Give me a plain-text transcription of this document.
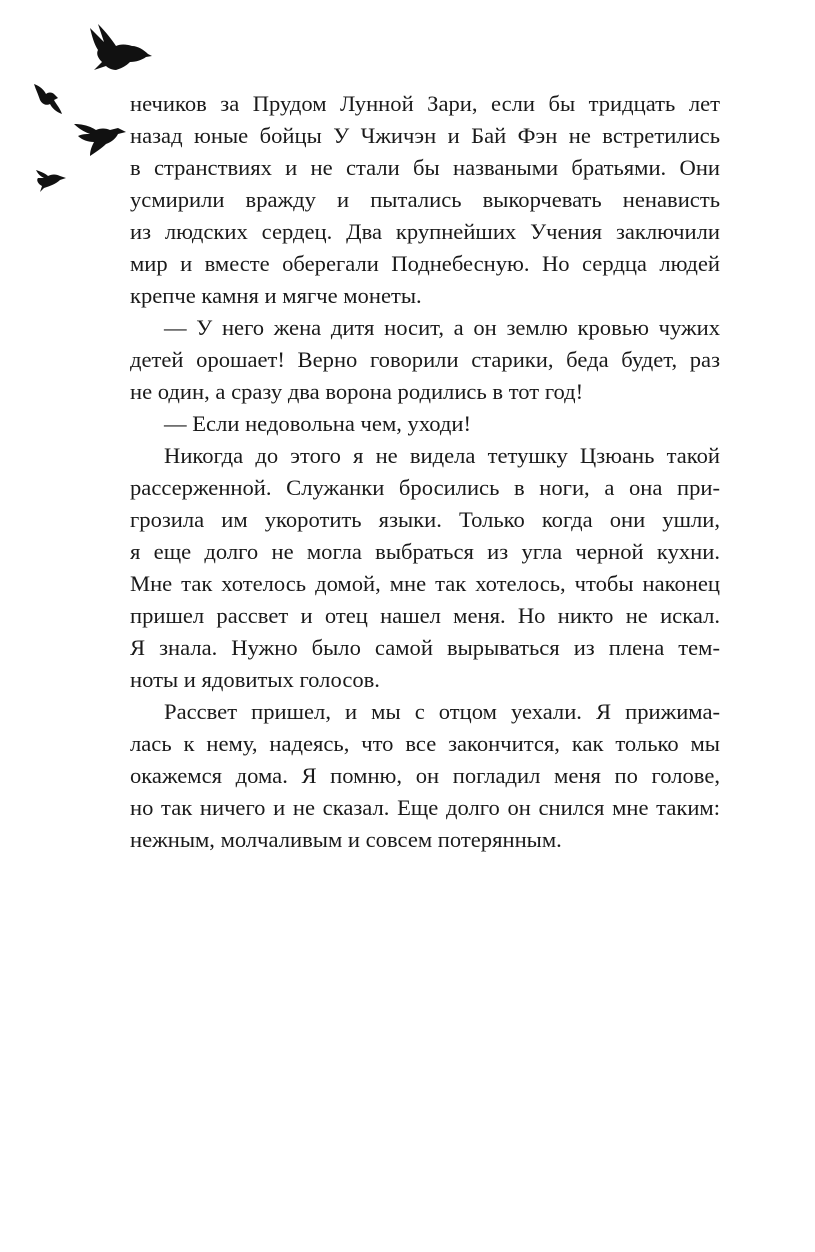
нечиков за Прудом Лунной Зари, если бы тридцать лет
назад юные бойцы У Чжичэн и Бай Фэн не встретились
в странствиях и не стали бы назваными братьями. Они
усмирили вражду и пытались выкорчевать ненависть
из людских сердец. Два крупнейших Учения заключили
мир и вместе оберегали Поднебесную. Но сердца людей
крепче камня и мягче монеты.
— У него жена дитя носит, а он землю кровью чужих
детей орошает! Верно говорили старики, беда будет, раз
не один, а сразу два ворона родились в тот год!
— Если недовольна чем, уходи!
Никогда до этого я не видела тетушку Цзюань такой
рассерженной. Служанки бросились в ноги, а она при-
грозила им укоротить языки. Только когда они ушли,
я еще долго не могла выбраться из угла черной кухни.
Мне так хотелось домой, мне так хотелось, чтобы наконец
пришел рассвет и отец нашел меня. Но никто не искал.
Я знала. Нужно было самой вырываться из плена тем-
ноты и ядовитых голосов.
Рассвет пришел, и мы с отцом уехали. Я прижима-
лась к нему, надеясь, что все закончится, как только мы
окажемся дома. Я помню, он погладил меня по голове,
но так ничего и не сказал. Еще долго он снился мне таким:
нежным, молчаливым и совсем потерянным.
